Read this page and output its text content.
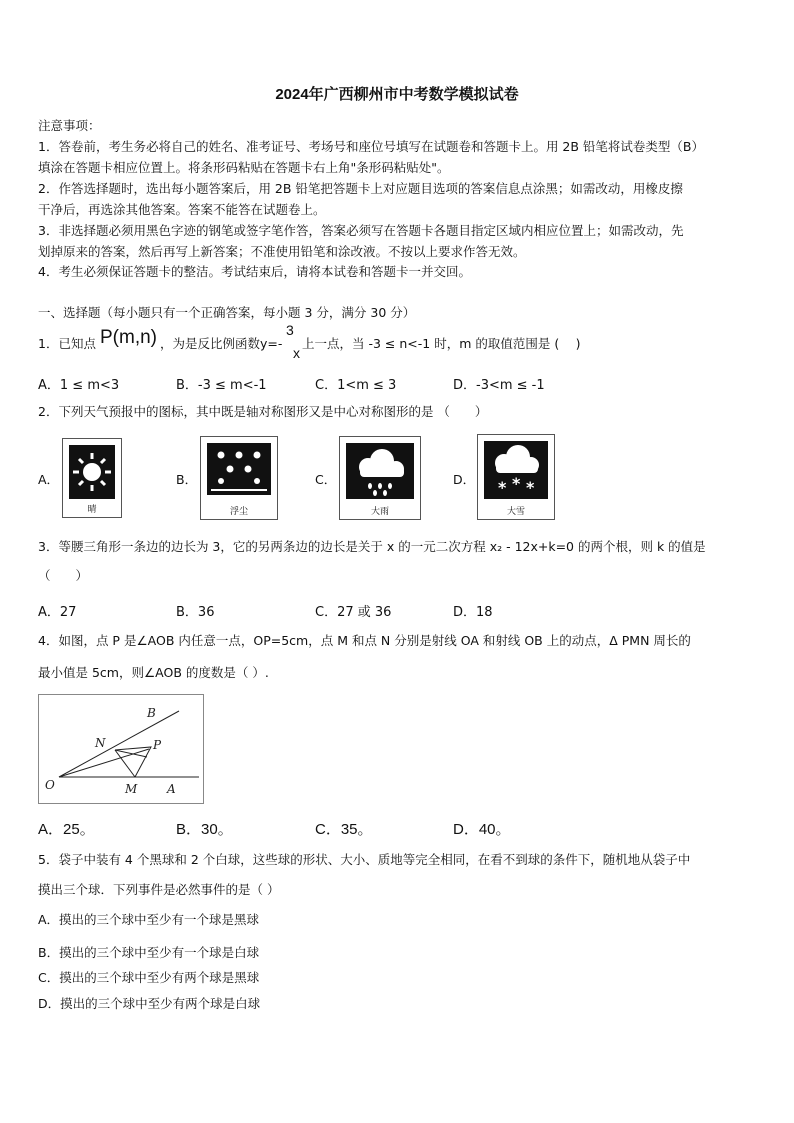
2024年广西柳州市中考数学模拟试卷
注意事项：
1．答卷前，考生务必将自己的姓名、准考证号、考场号和座位号填写在试题卷和答题卡上。用 2B 铅笔将试卷类型（B）
填涂在答题卡相应位置上。将条形码粘贴在答题卡右上角"条形码粘贴处"。
2．作答选择题时，选出每小题答案后，用 2B 铅笔把答题卡上对应题目选项的答案信息点涂黑；如需改动，用橡皮擦
干净后，再选涂其他答案。答案不能答在试题卷上。
3．非选择题必须用黑色字迹的钢笔或签字笔作答，答案必须写在答题卡各题目指定区域内相应位置上；如需改动，先
划掉原来的答案，然后再写上新答案；不准使用铅笔和涂改液。不按以上要求作答无效。
4．考生必须保证答题卡的整洁。考试结束后，请将本试卷和答题卡一并交回。
一、选择题（每小题只有一个正确答案，每小题 3 分，满分 30 分）
1．已知点 P(m,n) ，为是反比例函数y=-
3
x
上一点，当 -3 ≤ n<-1 时，m 的取值范围是 (　 )
A．1 ≤ m<3	B．-3 ≤ m<-1	C．1<m ≤ 3	D．-3<m ≤ -1
2．下列天气预报中的图标，其中既是轴对称图形又是中心对称图形的是 （　　）
A．
晴
B．
浮尘
C．
大雨
D． * * *
大雪
3．等腰三角形一条边的边长为 3，它的另两条边的边长是关于 x 的一元二次方程 x₂ - 12x+k=0 的两个根，则 k 的值是
（　　）
A．27	B．36	C．27 或 36	D．18
4．如图，点 P 是∠AOB 内任意一点，OP=5cm，点 M 和点 N 分别是射线 OA 和射线 OB 上的动点，Δ PMN 周长的
最小值是 5cm，则∠AOB 的度数是（ ）.
B
N	P
O	M A
A．25。	B．30。	C．35。	D．40。
5．袋子中装有 4 个黑球和 2 个白球，这些球的形状、大小、质地等完全相同，在看不到球的条件下，随机地从袋子中
摸出三个球．下列事件是必然事件的是（ ）
A．摸出的三个球中至少有一个球是黑球
B．摸出的三个球中至少有一个球是白球
C．摸出的三个球中至少有两个球是黑球
D．摸出的三个球中至少有两个球是白球
